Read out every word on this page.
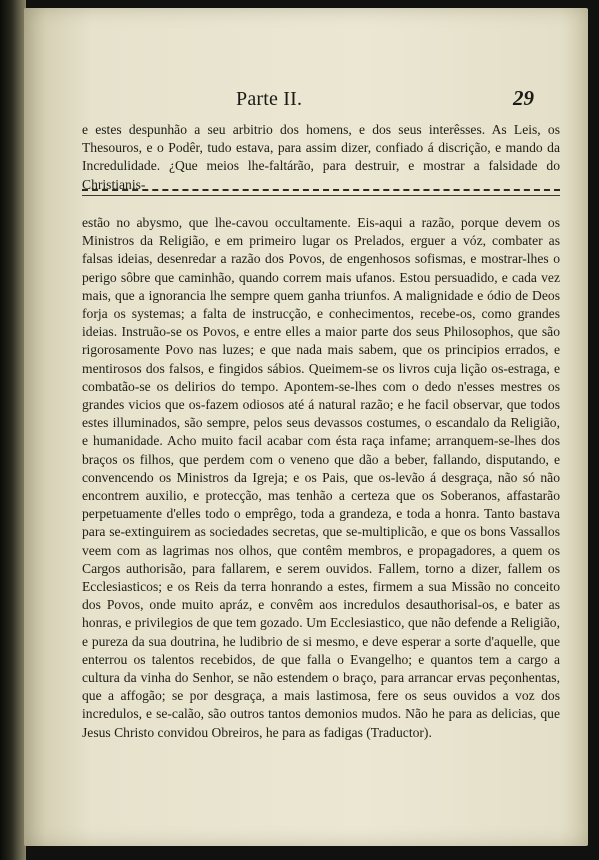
Parte II.	29

e estes despunhão a seu arbitrio dos homens, e dos seus interêsses. As Leis, os Thesouros, e o Podêr, tudo estava, para assim dizer, confiado á discrição, e mando da Incredulidade. ¿Que meios lhe-faltárão, para destruir, e mostrar a falsidade do Christianis-

estão no abysmo, que lhe-cavou occultamente. Eis-aqui a razão, porque devem os Ministros da Religião, e em primeiro lugar os Prelados, erguer a vóz, combater as falsas ideias, desenredar a razão dos Povos, de engenhosos sofismas, e mostrar-lhes o perigo sôbre que caminhão, quando correm mais ufanos. Estou persuadido, e cada vez mais, que a ignorancia lhe sempre quem ganha triunfos. A malignidade e ódio de Deos forja os systemas; a falta de instrucção, e conhecimentos, recebe-os, como grandes ideias. Instruão-se os Povos, e entre elles a maior parte dos seus Philosophos, que são rigorosamente Povo nas luzes; e que nada mais sabem, que os principios errados, e mentirosos dos falsos, e fingidos sábios. Queimem-se os livros cuja lição os-estraga, e combatão-se os delirios do tempo. Apontem-se-lhes com o dedo n'esses mestres os grandes vicios que os-fazem odiosos até á natural razão; e he facil observar, que todos estes illuminados, são sempre, pelos seus devassos costumes, o escandalo da Religião, e humanidade. Acho muito facil acabar com ésta raça infame; arranquem-se-lhes dos braços os filhos, que perdem com o veneno que dão a beber, fallando, disputando, e convencendo os Ministros da Igreja; e os Pais, que os-levão á desgraça, não só não encontrem auxilio, e protecção, mas tenhão a certeza que os Soberanos, affastarão perpetuamente d'elles todo o emprêgo, toda a grandeza, e toda a honra. Tanto bastava para se-extinguirem as sociedades secretas, que se-multiplicão, e que os bons Vassallos veem com as lagrimas nos olhos, que contêm membros, e propagadores, a quem os Cargos authorisão, para fallarem, e serem ouvidos. Fallem, torno a dizer, fallem os Ecclesiasticos; e os Reis da terra honrando a estes, firmem a sua Missão no conceito dos Povos, onde muito apráz, e convêm aos incredulos desauthorisal-os, e bater as honras, e privilegios de que tem gozado. Um Ecclesiastico, que não defende a Religião, e pureza da sua doutrina, he ludibrio de si mesmo, e deve esperar a sorte d'aquelle, que enterrou os talentos recebidos, de que falla o Evangelho; e quantos tem a cargo a cultura da vinha do Senhor, se não estendem o braço, para arrancar ervas peçonhentas, que a affogão; se por desgraça, a mais lastimosa, fere os seus ouvidos a voz dos incredulos, e se-calão, são outros tantos demonios mudos. Não he para as delicias, que Jesus Christo convidou Obreiros, he para as fadigas (Traductor).
